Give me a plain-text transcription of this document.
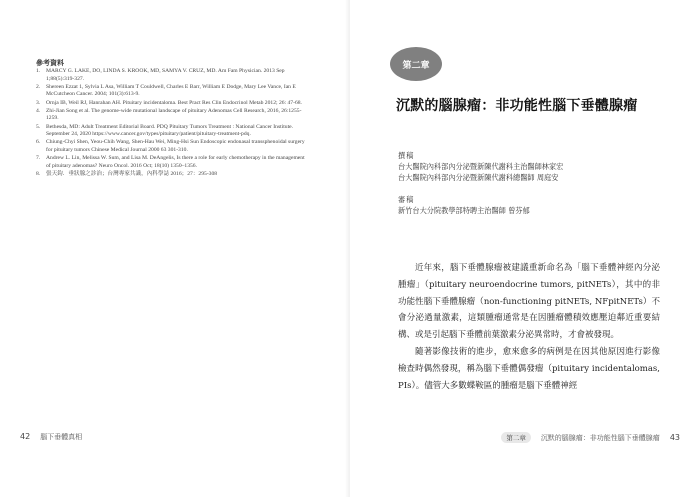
參考資料
1.	MARCY G. LAKE, DO, LINDA S. KROOK, MD, SAMYA V. CRUZ, MD. Am Fam Physician. 2013 Sep 1;88(5):319-327.
2.	Shereen Ezzat 1, Sylvia L Asa, William T Couldwell, Charles E Barr, William E Dodge, Mary Lee Vance, Ian E McCutcheon Cancer. 2004; 101(3):613-9.
3.	Ornja IB, Weil RJ, Hanrahan AH. Pituitary incidentaloma. Best Pract Res Clin Endocrinol Metab 2012; 26: 47-68.
4.	Zhi-Jian Song et al. The genome-wide mutational landscape of pituitary Adenomas Cell Research, 2016, 26:1255-1259.
5.	Bethesda, MD: Adult Treatment Editorial Board. PDQ Pituitary Tumors Treatment : National Cancer Institute. September 24, 2020 https://www.cancer.gov/types/pituitary/patient/pituitary-treatment-pdq.
6.	Chiung-Chyi Shen, Yeou-Chih Wang, Shen-Hau Wei, Ming-Hsi Sun Endoscopic endonasal transsphenoidal surgery for pituitary tumors Chinese Medical Journal 2000 63 301-310.
7.	Andrew L. Lin, Melissa W. Sum, and Lisa M. DeAngelis, Is there a role for early chemotherapy in the management of pituitary adenomas? Neuro Oncol. 2016 Oct; 18(10) 1350–1356.
8.	張天鈞．垂狀腺之診治；台灣專家共識，內科學誌 2016；27：295-308
42 腦下垂體真相
第二章
沉默的腦腺瘤：非功能性腦下垂體腺瘤
撰稿
台大醫院內科部內分泌暨新陳代謝科主治醫師林家宏
台大醫院內科部內分泌暨新陳代謝科總醫師 周庭安
審稿
新竹台大分院教學部特聘主治醫師 曾芬郁

近年來，腦下垂體腺瘤被建議重新命名為「腦下垂體神經內分泌腫瘤」（pituitary neuroendocrine tumors, pitNETs），其中的非功能性腦下垂體腺瘤（non-functioning pitNETs, NFpitNETs）不會分泌過量激素，這類腫瘤通常是在因腫瘤體積效應壓迫鄰近重要結構、或是引起腦下垂體前葉激素分泌異常時，才會被發現。

隨著影像技術的進步，愈來愈多的病例是在因其他原因進行影像檢查時偶然發現，稱為腦下垂體偶發瘤（pituitary incidentalomas, PIs）。儘管大多數蝶鞍區的腫瘤是腦下垂體神經

第二章	沉默的腦腺瘤：非功能性腦下垂體腺瘤 43
